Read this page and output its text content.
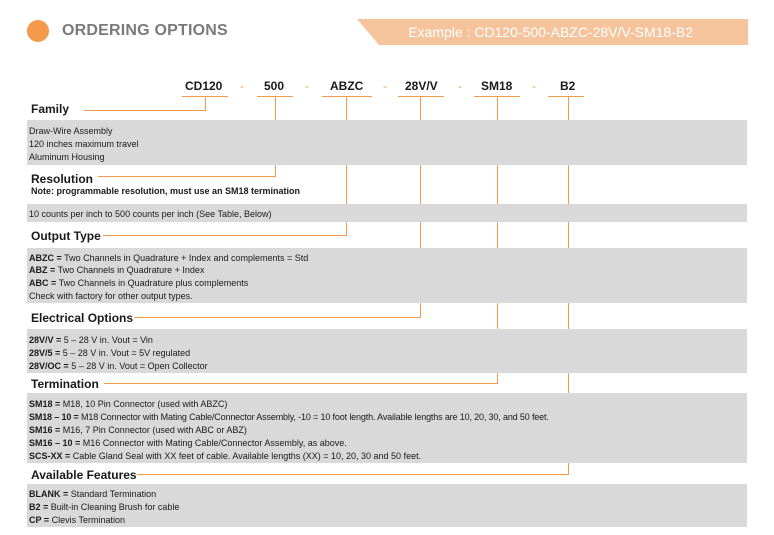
ORDERING OPTIONS	Example : CD120-500-ABZC-28V/V-SM18-B2
CD120 - 500 - ABZC - 28V/V - SM18 - B2
Family
Draw-Wire Assembly
120 inches maximum travel
Aluminum Housing
Resolution
Note: programmable resolution, must use an SM18 termination
10 counts per inch to 500 counts per inch (See Table, Below)
Output Type
ABZC = Two Channels in Quadrature + Index and complements = Std
ABZ = Two Channels in Quadrature + Index
ABC = Two Channels in Quadrature plus complements
Check with factory for other output types.
Electrical Options
28V/V = 5 – 28 V in. Vout = Vin
28V/5 = 5 – 28 V in. Vout = 5V regulated
28V/OC = 5 – 28 V in. Vout = Open Collector
Termination
SM18 = M18, 10 Pin Connector (used with ABZC)
SM18 – 10 = M18 Connector with Mating Cable/Connector Assembly, -10 = 10 foot length. Available lengths are 10, 20, 30, and 50 feet.
SM16 = M16, 7 Pin Connector (used with ABC or ABZ)
SM16 – 10 = M16 Connector with Mating Cable/Connector Assembly, as above.
SCS-XX = Cable Gland Seal with XX feet of cable. Available lengths (XX) = 10, 20, 30 and 50 feet.
Available Features
BLANK = Standard Termination
B2 = Built-in Cleaning Brush for cable
CP = Clevis Termination
